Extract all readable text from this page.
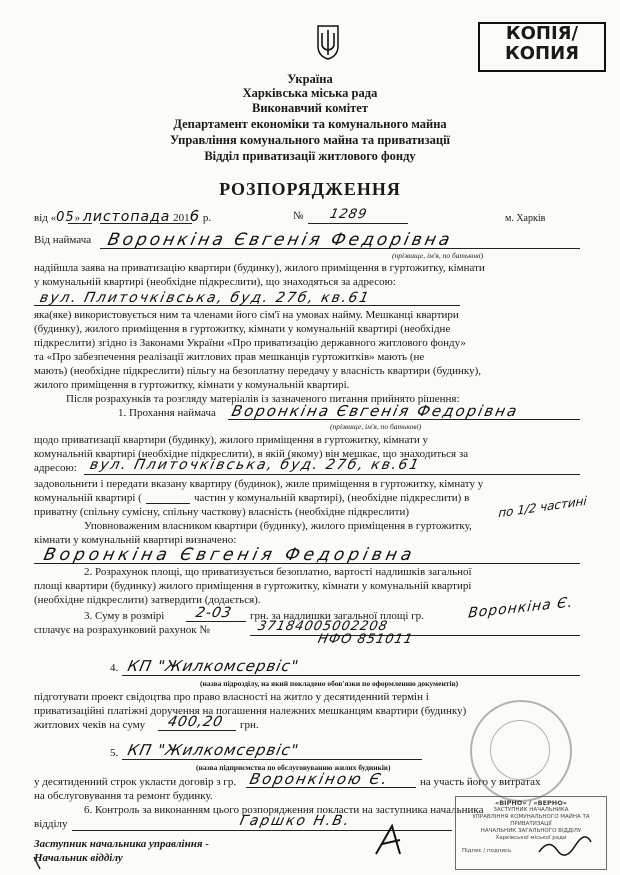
КОПІЯ/
КОПИЯ
Україна
Харківська міська рада
Виконавчий комітет
Департамент економіки та комунального майна
Управління комунального майна та приватизації
Відділ приватизації житлового фонду
РОЗПОРЯДЖЕННЯ
від «05» листопада 2016 р.	№ 1289	м. Харків
Від наймача Воронкіна Євгенія Федорівна
(прізвище, ім'я, по батькові)
надійшла заява на приватизацію квартири (будинку), жилого приміщення в гуртожитку, кімнати
у комунальній квартирі (необхідне підкреслити), що знаходяться за адресою:
вул. Плиточківська, буд. 27б, кв.61
яка(яке) використовується ним та членами його сім'ї на умовах найму. Мешканці квартири
(будинку), жилого приміщення в гуртожитку, кімнати у комунальній квартирі (необхідне
підкреслити) згідно із Законами України «Про приватизацію державного житлового фонду»
та «Про забезпечення реалізації житлових прав мешканців гуртожитків» мають (не
мають) (необхідне підкреслити) пільгу на безоплатну передачу у власність квартири (будинку),
жилого приміщення в гуртожитку, кімнати у комунальній квартирі.
Після розрахунків та розгляду матеріалів із зазначеного питання прийнято рішення:
1. Прохання наймача Воронкіна Євгенія Федорівна
(прізвище, ім'я, по батькові)
щодо приватизації квартири (будинку), жилого приміщення в гуртожитку, кімнати у
комунальній квартирі (необхідне підкреслити), в якій (якому) він мешкає, що знаходиться за
адресою: вул. Плиточківська, буд. 27б, кв.61
задовольнити і передати вказану квартиру (будинок), жиле приміщення в гуртожитку, кімнату у
комунальній квартирі (	частин у комунальній квартирі), (необхідне підкреслити) в
приватну (спільну сумісну, спільну часткову) власність (необхідне підкреслити)	по 1/2 частині
Уповноваженим власником квартири (будинку), жилого приміщення в гуртожитку,
кімнати у комунальній квартирі визначено:
Воронкіна Євгенія Федорівна
2. Розрахунок площі, що приватизується безоплатно, вартості надлишків загальної
площі квартири (будинку) жилого приміщення в гуртожитку, кімнати у комунальній квартирі
(необхідне підкреслити) затвердити (додається).
3. Суму в розмірі 2-03 грн. за надлишки загальної площі гр.	Воронкіна Є.
сплачує на розрахунковий рахунок №	37184005002208
НФО 851011
4. КП "Жилкомсервіс"
(назва підрозділу, на який покладено обов'язки по оформленню документів)
підготувати проект свідоцтва про право власності на житло у десятиденний термін і
приватизаційні платіжні доручення на погашення належних мешканцям квартири (будинку)
житлових чеків на суму 400,20 грн.
5. КП "Жилкомсервіс"
(назва підприємства по обслуговуванню жилих будинків)
у десятиденний строк укласти договір з гр. Воронкіною Є.	на участь його у витратах
на обслуговування та ремонт будинку.
6. Контроль за виконанням цього розпорядження покласти на заступника начальника
відділу	Гаршко Н.В.
Заступник начальника управління -
Начальник відділу
«ВІРНО» / «ВЕРНО»
ЗАСТУПНИК НАЧАЛЬНИКА
УПРАВЛІННЯ КОМУНАЛЬНОГО МАЙНА ТА ПРИВАТИЗАЦІЇ
НАЧАЛЬНИК ЗАГАЛЬНОГО ВІДДІЛУ
Харківської міської ради
Підпис / подпись
